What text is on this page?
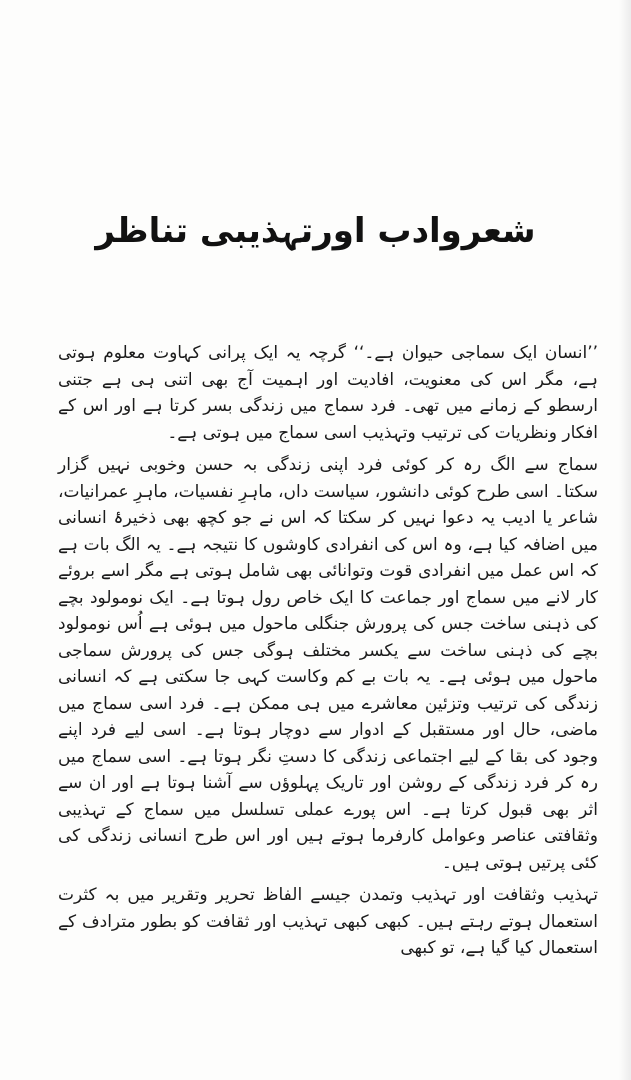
شعروادب اورتہذیبی تناظر

’’انسان ایک سماجی حیوان ہے۔‘‘ گرچہ یہ ایک پرانی کہاوت معلوم ہوتی ہے، مگر اس کی معنویت، افادیت اور اہمیت آج بھی اتنی ہی ہے جتنی ارسطو کے زمانے میں تھی۔ فرد سماج میں زندگی بسر کرتا ہے اور اس کے افکار ونظریات کی ترتیب وتہذیب اسی سماج میں ہوتی ہے۔

سماج سے الگ رہ کر کوئی فرد اپنی زندگی بہ حسن وخوبی نہیں گزار سکتا۔ اسی طرح کوئی دانشور، سیاست داں، ماہرِ نفسیات، ماہرِ عمرانیات، شاعر یا ادیب یہ دعوا نہیں کر سکتا کہ اس نے جو کچھ بھی ذخیرۂ انسانی میں اضافہ کیا ہے، وہ اس کی انفرادی کاوشوں کا نتیجہ ہے۔ یہ الگ بات ہے کہ اس عمل میں انفرادی قوت وتوانائی بھی شامل ہوتی ہے مگر اسے بروئے کار لانے میں سماج اور جماعت کا ایک خاص رول ہوتا ہے۔ ایک نومولود بچے کی ذہنی ساخت جس کی پرورش جنگلی ماحول میں ہوئی ہے اُس نومولود بچے کی ذہنی ساخت سے یکسر مختلف ہوگی جس کی پرورش سماجی ماحول میں ہوئی ہے۔ یہ بات بے کم وکاست کہی جا سکتی ہے کہ انسانی زندگی کی ترتیب وتزئین معاشرے میں ہی ممکن ہے۔ فرد اسی سماج میں ماضی، حال اور مستقبل کے ادوار سے دوچار ہوتا ہے۔ اسی لیے فرد اپنے وجود کی بقا کے لیے اجتماعی زندگی کا دستِ نگر ہوتا ہے۔ اسی سماج میں رہ کر فرد زندگی کے روشن اور تاریک پہلوؤں سے آشنا ہوتا ہے اور ان سے اثر بھی قبول کرتا ہے۔ اس پورے عملی تسلسل میں سماج کے تہذیبی وثقافتی عناصر وعوامل کارفرما ہوتے ہیں اور اس طرح انسانی زندگی کی کئی پرتیں ہوتی ہیں۔

تہذیب وثقافت اور تہذیب وتمدن جیسے الفاظ تحریر وتقریر میں بہ کثرت استعمال ہوتے رہتے ہیں۔ کبھی کبھی تہذیب اور ثقافت کو بطور مترادف کے استعمال کیا گیا ہے، تو کبھی
